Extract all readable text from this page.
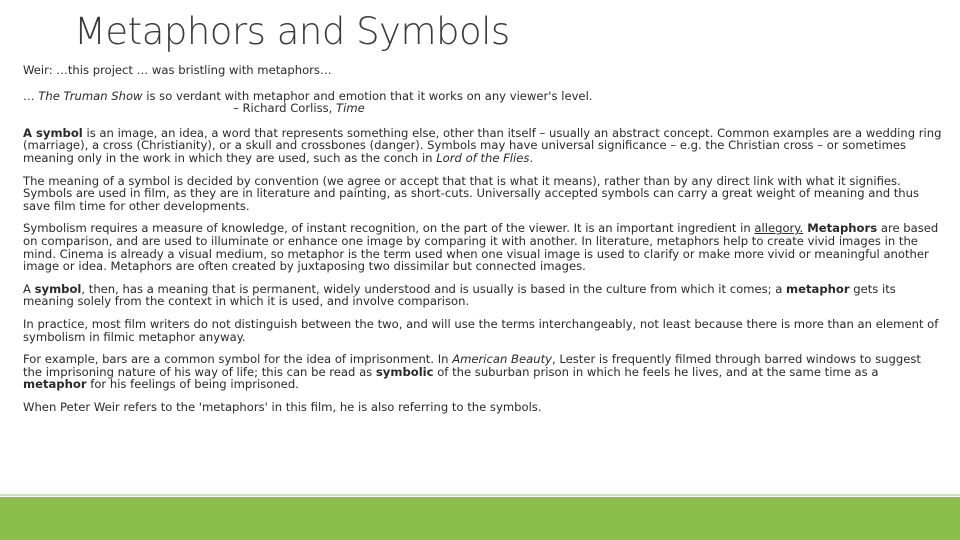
Metaphors and Symbols

Weir: …this project … was bristling with metaphors…

… The Truman Show is so verdant with metaphor and emotion that it works on any viewer's level.

– Richard Corliss, Time

A symbol is an image, an idea, a word that represents something else, other than itself – usually an abstract concept. Common examples are a wedding ring (marriage), a cross (Christianity), or a skull and crossbones (danger). Symbols may have universal significance – e.g. the Christian cross – or sometimes meaning only in the work in which they are used, such as the conch in Lord of the Flies.

The meaning of a symbol is decided by convention (we agree or accept that that is what it means), rather than by any direct link with what it signifies. Symbols are used in film, as they are in literature and painting, as short-cuts. Universally accepted symbols can carry a great weight of meaning and thus save film time for other developments.

Symbolism requires a measure of knowledge, of instant recognition, on the part of the viewer. It is an important ingredient in allegory. Metaphors are based on comparison, and are used to illuminate or enhance one image by comparing it with another. In literature, metaphors help to create vivid images in the mind. Cinema is already a visual medium, so metaphor is the term used when one visual image is used to clarify or make more vivid or meaningful another image or idea. Metaphors are often created by juxtaposing two dissimilar but connected images.

A symbol, then, has a meaning that is permanent, widely understood and is usually is based in the culture from which it comes; a metaphor gets its meaning solely from the context in which it is used, and involve comparison.

In practice, most film writers do not distinguish between the two, and will use the terms interchangeably, not least because there is more than an element of symbolism in filmic metaphor anyway.

For example, bars are a common symbol for the idea of imprisonment. In American Beauty, Lester is frequently filmed through barred windows to suggest the imprisoning nature of his way of life; this can be read as symbolic of the suburban prison in which he feels he lives, and at the same time as a metaphor for his feelings of being imprisoned.

When Peter Weir refers to the 'metaphors' in this film, he is also referring to the symbols.
